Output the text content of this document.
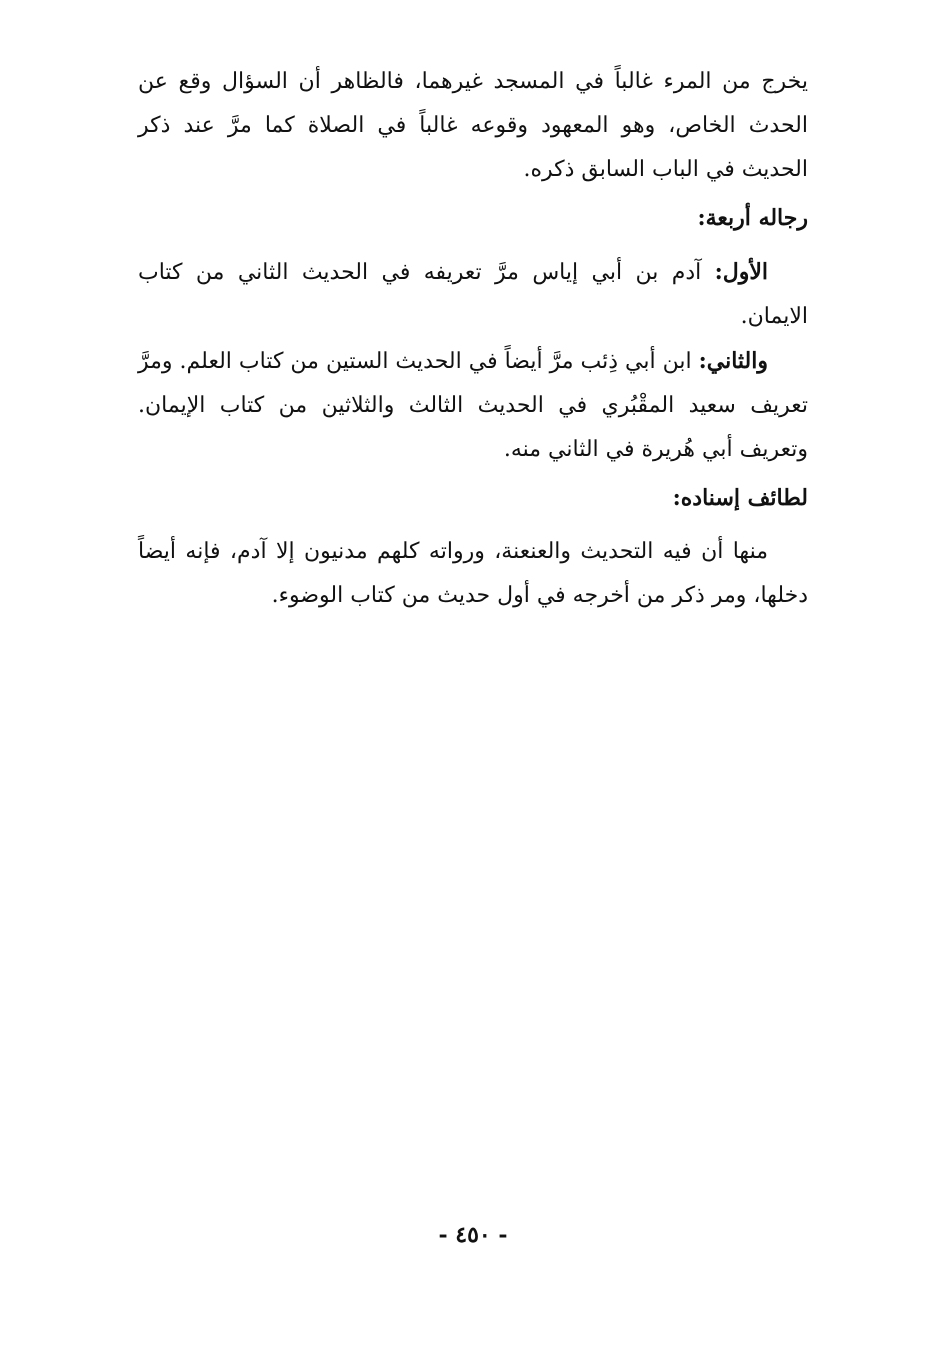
يخرج من المرء غالباً في المسجد غيرهما، فالظاهر أن السؤال وقع عن الحدث الخاص، وهو المعهود وقوعه غالباً في الصلاة كما مرَّ عند ذكر الحديث في الباب السابق ذكره.

رجاله أربعة:

الأول: آدم بن أبي إياس مرَّ تعريفه في الحديث الثاني من كتاب الايمان.

والثاني: ابن أبي ذِئب مرَّ أيضاً في الحديث الستين من كتاب العلم. ومرَّ تعريف سعيد المقْبُري في الحديث الثالث والثلاثين من كتاب الإيمان. وتعريف أبي هُريرة في الثاني منه.

لطائف إسناده:

منها أن فيه التحديث والعنعنة، ورواته كلهم مدنيون إلا آدم، فإنه أيضاً دخلها، ومر ذكر من أخرجه في أول حديث من كتاب الوضوء.

- ٤٥٠ -
